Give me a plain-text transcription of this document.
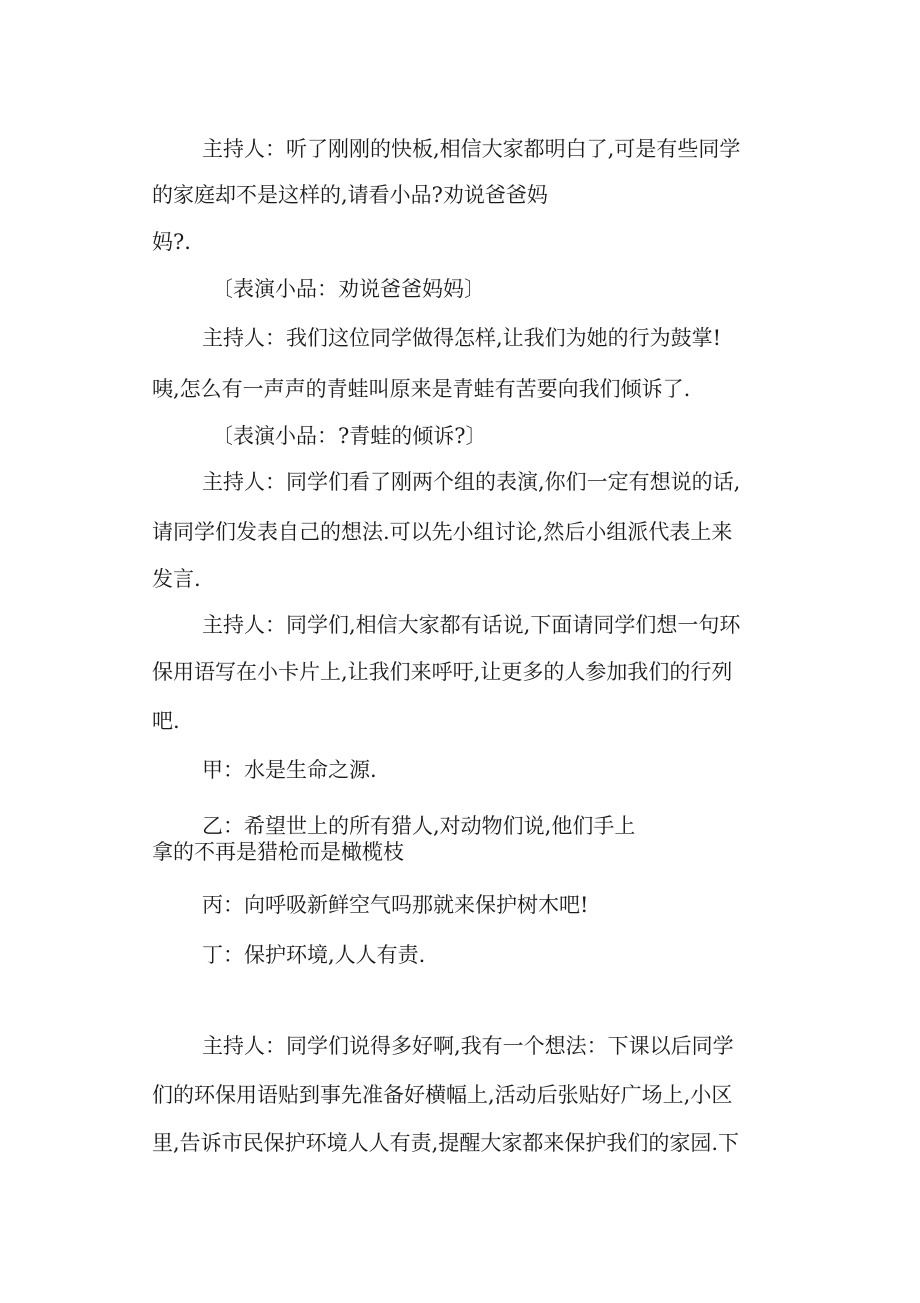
主持人：听了刚刚的快板,相信大家都明白了,可是有些同学
的家庭却不是这样的,请看小品?劝说爸爸妈
妈?.
〔表演小品：劝说爸爸妈妈〕
主持人：我们这位同学做得怎样,让我们为她的行为鼓掌!
咦,怎么有一声声的青蛙叫原来是青蛙有苦要向我们倾诉了.
〔表演小品：?青蛙的倾诉?〕
主持人：同学们看了刚两个组的表演,你们一定有想说的话,
请同学们发表自己的想法.可以先小组讨论,然后小组派代表上来
发言.
主持人：同学们,相信大家都有话说,下面请同学们想一句环
保用语写在小卡片上,让我们来呼吁,让更多的人参加我们的行列
吧.
甲：水是生命之源.
乙：希望世上的所有猎人,对动物们说,他们手上
拿的不再是猎枪而是橄榄枝
丙：向呼吸新鲜空气吗那就来保护树木吧!
丁：保护环境,人人有责.
主持人：同学们说得多好啊,我有一个想法：下课以后同学
们的环保用语贴到事先准备好横幅上,活动后张贴好广场上,小区
里,告诉市民保护环境人人有责,提醒大家都来保护我们的家园.下
